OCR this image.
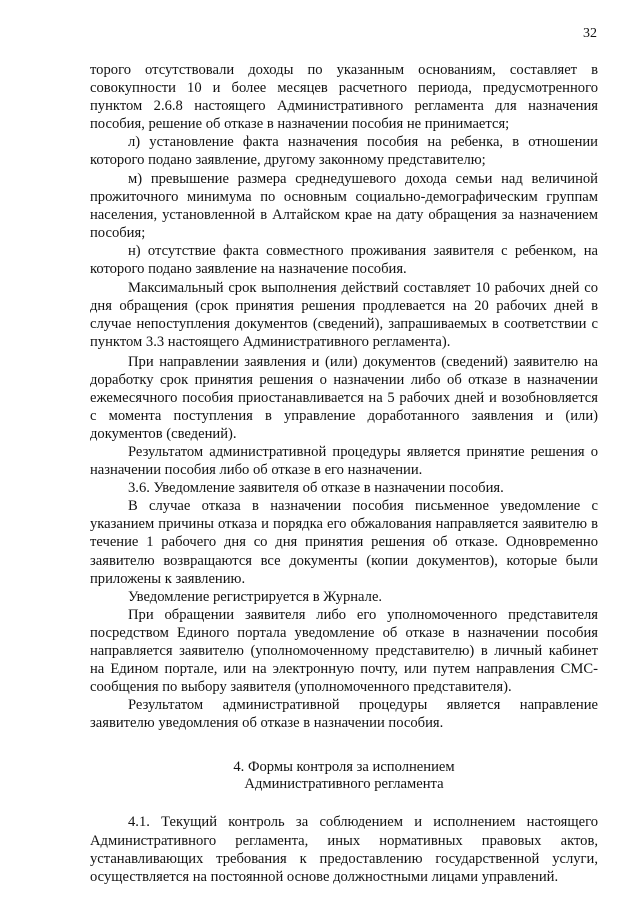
32

торого отсутствовали доходы по указанным основаниям, составляет в совокупности 10 и более месяцев расчетного периода, предусмотренного пунктом 2.6.8 настоящего Административного регламента для назначения пособия, решение об отказе в назначении пособия не принимается;

л) установление факта назначения пособия на ребенка, в отношении которого подано заявление, другому законному представителю;

м) превышение размера среднедушевого дохода семьи над величиной прожиточного минимума по основным социально-демографическим группам населения, установленной в Алтайском крае на дату обращения за назначением пособия;

н) отсутствие факта совместного проживания заявителя с ребенком, на которого подано заявление на назначение пособия.

Максимальный срок выполнения действий составляет 10 рабочих дней со дня обращения (срок принятия решения продлевается на 20 рабочих дней в случае непоступления документов (сведений), запрашиваемых в соответствии с пунктом 3.3 настоящего Административного регламента).

При направлении заявления и (или) документов (сведений) заявителю на доработку срок принятия решения о назначении либо об отказе в назначении ежемесячного пособия приостанавливается на 5 рабочих дней и возобновляется с момента поступления в управление доработанного заявления и (или) документов (сведений).

Результатом административной процедуры является принятие решения о назначении пособия либо об отказе в его назначении.

3.6. Уведомление заявителя об отказе в назначении пособия.

В случае отказа в назначении пособия письменное уведомление с указанием причины отказа и порядка его обжалования направляется заявителю в течение 1 рабочего дня со дня принятия решения об отказе. Одновременно заявителю возвращаются все документы (копии документов), которые были приложены к заявлению.

Уведомление регистрируется в Журнале.

При обращении заявителя либо его уполномоченного представителя посредством Единого портала уведомление об отказе в назначении пособия направляется заявителю (уполномоченному представителю) в личный кабинет на Едином портале, или на электронную почту, или путем направления СМС-сообщения по выбору заявителя (уполномоченного представителя).

Результатом административной процедуры является направление заявителю уведомления об отказе в назначении пособия.

4. Формы контроля за исполнением
Административного регламента

4.1. Текущий контроль за соблюдением и исполнением настоящего Административного регламента, иных нормативных правовых актов, устанавливающих требования к предоставлению государственной услуги, осуществляется на постоянной основе должностными лицами управлений.
